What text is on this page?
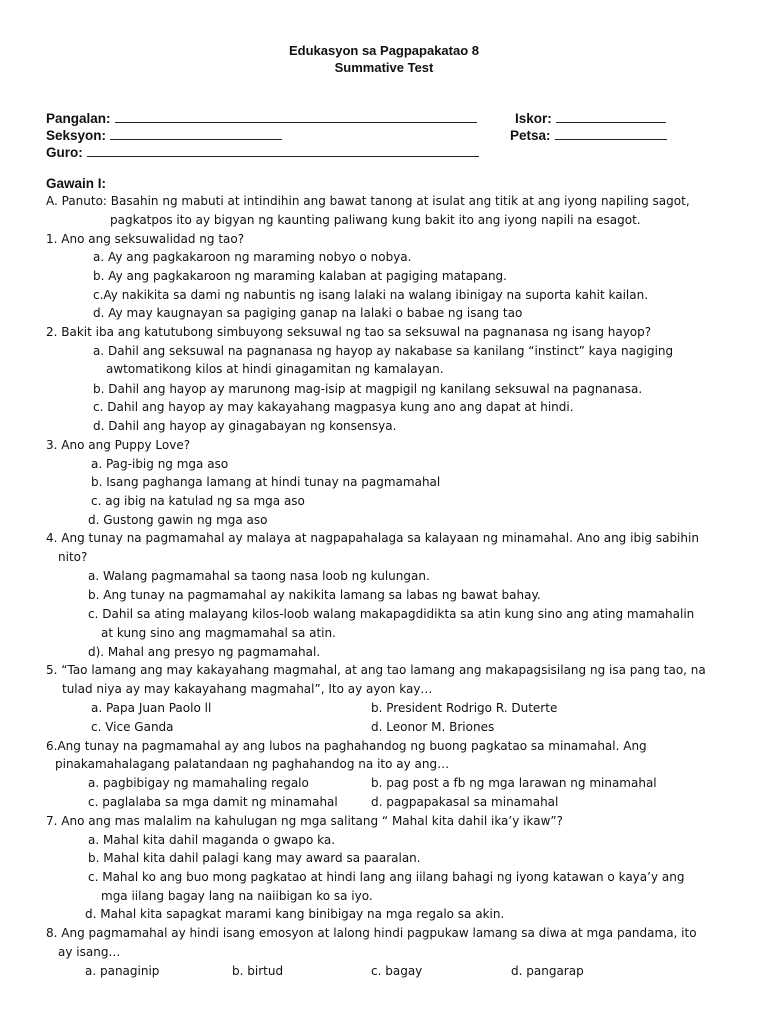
Edukasyon sa Pagpapakatao 8
Summative Test
Pangalan:	Iskor:
Seksyon:	Petsa:
Guro:
Gawain I:
A. Panuto: Basahin ng mabuti at intindihin ang bawat tanong at isulat ang titik at ang iyong napiling sagot,
pagkatpos ito ay bigyan ng kaunting paliwang kung bakit ito ang iyong napili na esagot.
1. Ano ang seksuwalidad ng tao?
a. Ay ang pagkakaroon ng maraming nobyo o nobya.
b. Ay ang pagkakaroon ng maraming kalaban at pagiging matapang.
c.Ay nakikita sa dami ng nabuntis ng isang lalaki na walang ibinigay na suporta kahit kailan.
d. Ay may kaugnayan sa pagiging ganap na lalaki o babae ng isang tao
2. Bakit iba ang katutubong simbuyong seksuwal ng tao sa seksuwal na pagnanasa ng isang hayop?
a. Dahil ang seksuwal na pagnanasa ng hayop ay nakabase sa kanilang “instinct” kaya nagiging
awtomatikong kilos at hindi ginagamitan ng kamalayan.
b. Dahil ang hayop ay marunong mag-isip at magpigil ng kanilang seksuwal na pagnanasa.
c. Dahil ang hayop ay may kakayahang magpasya kung ano ang dapat at hindi.
d. Dahil ang hayop ay ginagabayan ng konsensya.
3. Ano ang Puppy Love?
a. Pag-ibig ng mga aso
b. Isang paghanga lamang at hindi tunay na pagmamahal
c. ag ibig na katulad ng sa mga aso
d. Gustong gawin ng mga aso
4. Ang tunay na pagmamahal ay malaya at nagpapahalaga sa kalayaan ng minamahal. Ano ang ibig sabihin
nito?
a. Walang pagmamahal sa taong nasa loob ng kulungan.
b. Ang tunay na pagmamahal ay nakikita lamang sa labas ng bawat bahay.
c. Dahil sa ating malayang kilos-loob walang makapagdidikta sa atin kung sino ang ating mamahalin
at kung sino ang magmamahal sa atin.
d). Mahal ang presyo ng pagmamahal.
5. “Tao lamang ang may kakayahang magmahal, at ang tao lamang ang makapagsisilang ng isa pang tao, na
tulad niya ay may kakayahang magmahal”, Ito ay ayon kay…
a. Papa Juan Paolo ll	b. President Rodrigo R. Duterte
c. Vice Ganda	d. Leonor M. Briones
6.Ang tunay na pagmamahal ay ang lubos na paghahandog ng buong pagkatao sa minamahal. Ang
pinakamahalagang palatandaan ng paghahandog na ito ay ang…
a. pagbibigay ng mamahaling regalo	b. pag post a fb ng mga larawan ng minamahal
c. paglalaba sa mga damit ng minamahal	d. pagpapakasal sa minamahal
7. Ano ang mas malalim na kahulugan ng mga salitang “ Mahal kita dahil ika’y ikaw”?
a. Mahal kita dahil maganda o gwapo ka.
b. Mahal kita dahil palagi kang may award sa paaralan.
c. Mahal ko ang buo mong pagkatao at hindi lang ang iilang bahagi ng iyong katawan o kaya’y ang
mga iilang bagay lang na naiibigan ko sa iyo.
d. Mahal kita sapagkat marami kang binibigay na mga regalo sa akin.
8. Ang pagmamahal ay hindi isang emosyon at lalong hindi pagpukaw lamang sa diwa at mga pandama, ito
ay isang…
a. panaginip	b. birtud	c. bagay	d. pangarap
